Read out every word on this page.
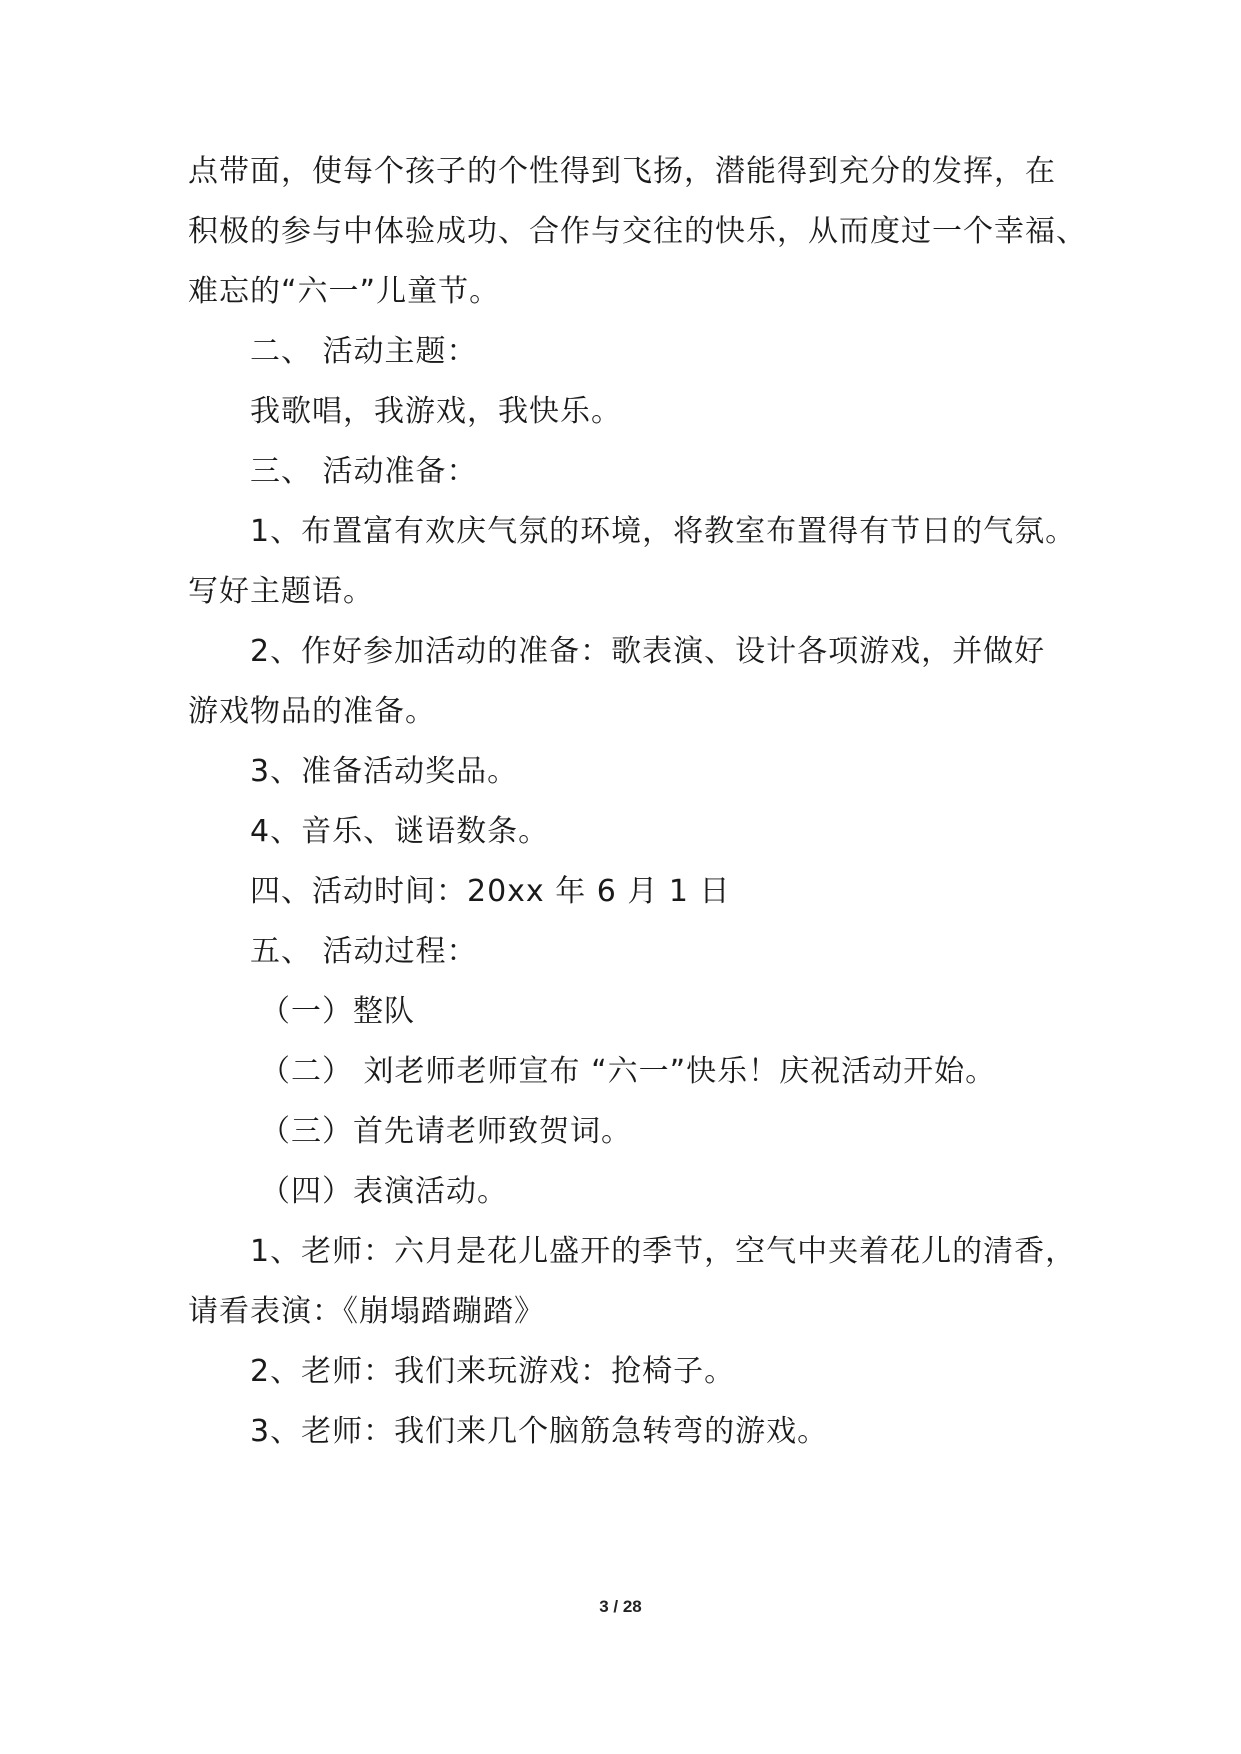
点带面，使每个孩子的个性得到飞扬，潜能得到充分的发挥，在
积极的参与中体验成功、合作与交往的快乐，从而度过一个幸福、
难忘的“六一”儿童节。
二、 活动主题：
我歌唱，我游戏，我快乐。
三、 活动准备：
1、布置富有欢庆气氛的环境，将教室布置得有节日的气氛。
写好主题语。
2、作好参加活动的准备：歌表演、设计各项游戏，并做好
游戏物品的准备。
3、准备活动奖品。
4、音乐、谜语数条。
四、活动时间：20xx 年 6 月 1 日
五、 活动过程：
（一）整队
（二） 刘老师老师宣布 “六一”快乐！庆祝活动开始。
（三）首先请老师致贺词。
（四）表演活动。
1、老师：六月是花儿盛开的季节，空气中夹着花儿的清香，
请看表演：《崩塌踏蹦踏》
2、老师：我们来玩游戏：抢椅子。
3、老师：我们来几个脑筋急转弯的游戏。
3 / 28
